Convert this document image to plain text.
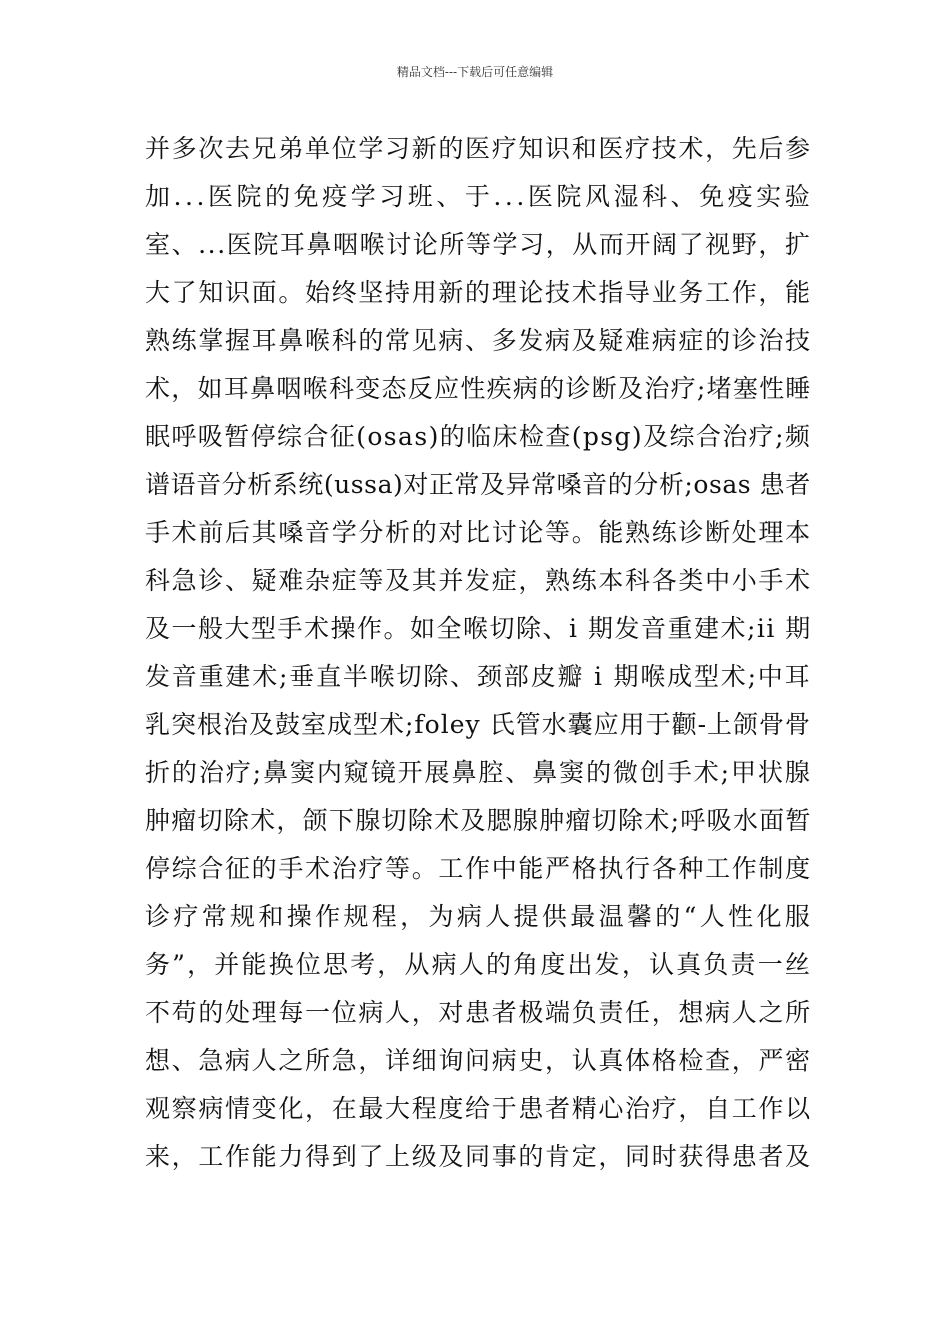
精品文档---下载后可任意编辑
并多次去兄弟单位学习新的医疗知识和医疗技术，先后参
加...医院的免疫学习班、于...医院风湿科、免疫实验
室、...医院耳鼻咽喉讨论所等学习，从而开阔了视野，扩
大了知识面。始终坚持用新的理论技术指导业务工作，能
熟练掌握耳鼻喉科的常见病、多发病及疑难病症的诊治技
术，如耳鼻咽喉科变态反应性疾病的诊断及治疗;堵塞性睡
眠呼吸暂停综合征(osas)的临床检查(psg)及综合治疗;频
谱语音分析系统(ussa)对正常及异常嗓音的分析;osas 患者
手术前后其嗓音学分析的对比讨论等。能熟练诊断处理本
科急诊、疑难杂症等及其并发症，熟练本科各类中小手术
及一般大型手术操作。如全喉切除、i 期发音重建术;ii 期
发音重建术;垂直半喉切除、颈部皮瓣 i 期喉成型术;中耳
乳突根治及鼓室成型术;foley 氏管水囊应用于颧-上颌骨骨
折的治疗;鼻窦内窥镜开展鼻腔、鼻窦的微创手术;甲状腺
肿瘤切除术，颌下腺切除术及腮腺肿瘤切除术;呼吸水面暂
停综合征的手术治疗等。工作中能严格执行各种工作制度
诊疗常规和操作规程，为病人提供最温馨的“人性化服
务”，并能换位思考，从病人的角度出发，认真负责一丝
不苟的处理每一位病人，对患者极端负责任，想病人之所
想、急病人之所急，详细询问病史，认真体格检查，严密
观察病情变化，在最大程度给于患者精心治疗，自工作以
来，工作能力得到了上级及同事的肯定，同时获得患者及
